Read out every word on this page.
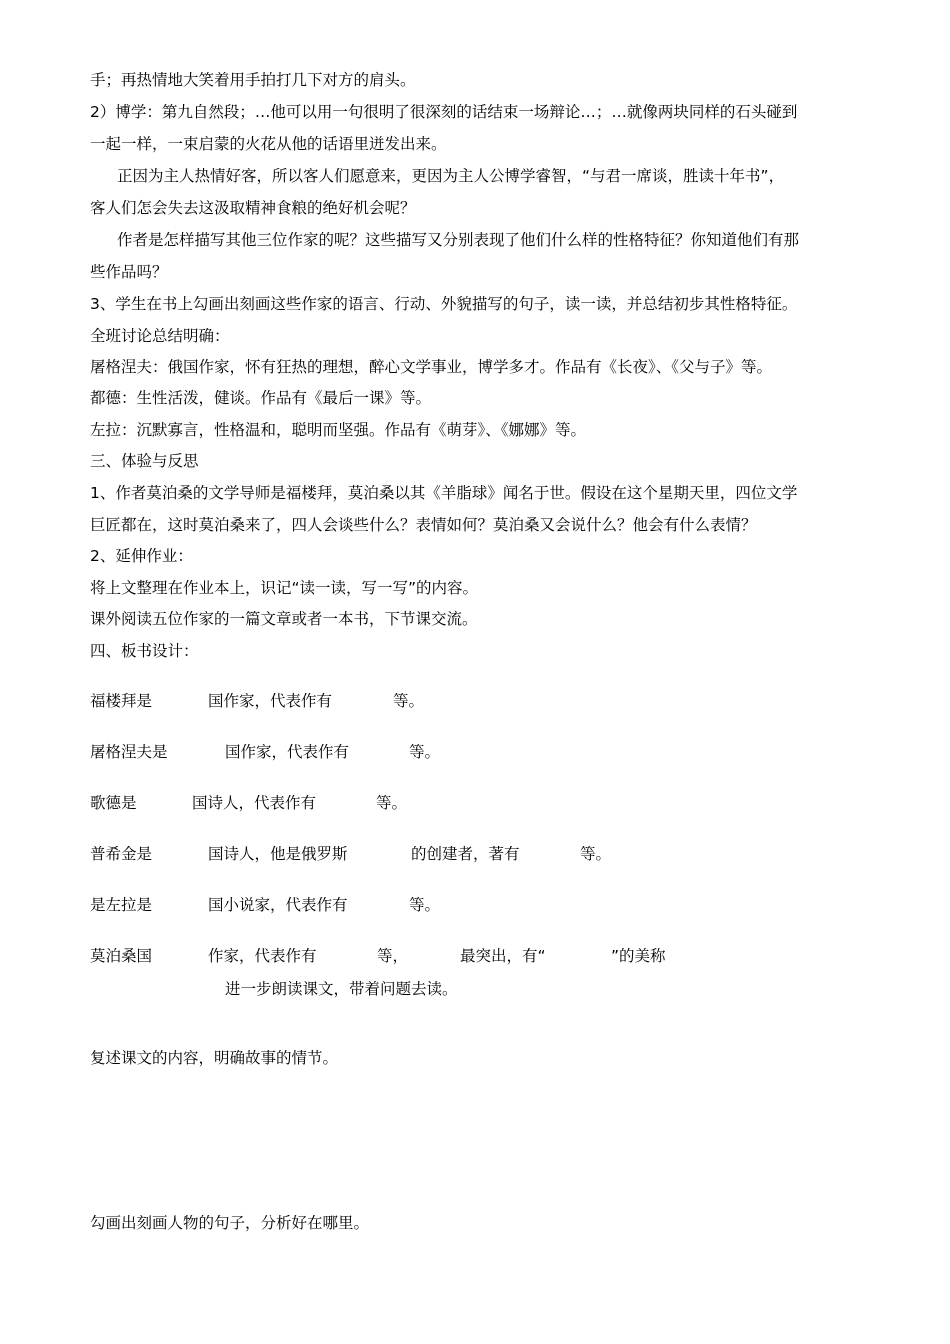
手；再热情地大笑着用手拍打几下对方的肩头。
2）博学：第九自然段；…他可以用一句很明了很深刻的话结束一场辩论…；…就像两块同样的石头碰到
一起一样，一束启蒙的火花从他的话语里迸发出来。
正因为主人热情好客，所以客人们愿意来，更因为主人公博学睿智，“与君一席谈，胜读十年书”，
客人们怎会失去这汲取精神食粮的绝好机会呢？
作者是怎样描写其他三位作家的呢？这些描写又分别表现了他们什么样的性格特征？你知道他们有那
些作品吗？
3、学生在书上勾画出刻画这些作家的语言、行动、外貌描写的句子，读一读，并总结初步其性格特征。
全班讨论总结明确：
屠格涅夫：俄国作家，怀有狂热的理想，醉心文学事业，博学多才。作品有《长夜》、《父与子》等。
都德：生性活泼，健谈。作品有《最后一课》等。
左拉：沉默寡言，性格温和，聪明而坚强。作品有《萌芽》、《娜娜》等。
三、体验与反思
1、作者莫泊桑的文学导师是福楼拜，莫泊桑以其《羊脂球》闻名于世。假设在这个星期天里，四位文学
巨匠都在，这时莫泊桑来了，四人会谈些什么？表情如何？莫泊桑又会说什么？他会有什么表情？
2、延伸作业：
将上文整理在作业本上，识记“读一读，写一写”的内容。
课外阅读五位作家的一篇文章或者一本书，下节课交流。
四、板书设计：
福楼拜是	国作家，代表作有	等。
屠格涅夫是	国作家，代表作有	等。
歌德是	国诗人，代表作有	等。
普希金是	国诗人，他是俄罗斯	的创建者，著有	等。
是左拉是	国小说家，代表作有	等。
莫泊桑国	作家，代表作有	等，	最突出，有“	”的美称
进一步朗读课文，带着问题去读。
复述课文的内容，明确故事的情节。
勾画出刻画人物的句子，分析好在哪里。
